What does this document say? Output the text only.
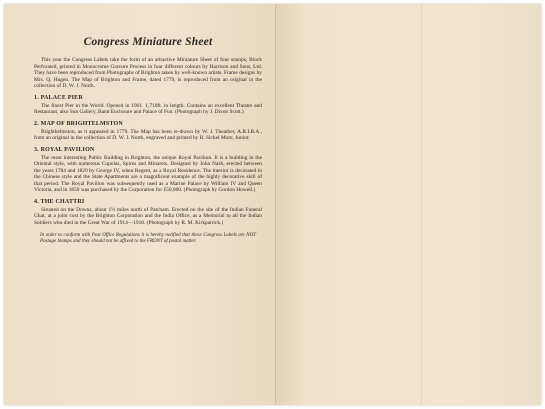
Congress Miniature Sheet

This year the Congress Labels take the form of an attractive Miniature Sheet of four stamps, Block Perforated, printed in Monocrome Gravure Process in four different colours by Harrison and Sons, Ltd. They have been reproduced from Photographs of Brighton taken by well-known artists. Frame designs by Mrs. Q. Hugen. The Map of Brighton and Frame, dated 1779, is reproduced from an original in the collection of D. W. J. North.

1. PALACE PIER

The finest Pier in the World. Opened in 1901. 1,710ft. in length. Contains an excellent Theatre and Restaurant, also Sun Gallery, Band Enclosure and Palace of Fun. (Photograph by J. Dixon Scott.)

2. MAP OF BRIGHTELMSTON

Brighthelmston, as it appeared in 1779. The Map has been re-drawn by W. J. Theatber, A.R.I.B.A., from an original in the collection of D. W. J. North, engraved and printed by R. Sickel More, Junior.

3. ROYAL PAVILION

The most interesting Public Building in Brighton, the unique Royal Pavilion. It is a building in the Oriental style, with numerous Cupolas, Spires and Minarets. Designed by John Nash, erected between the years 1784 and 1820 by George IV, when Regent, as a Royal Residence. The interior is decorated in the Chinese style and the State Apartments are a magnificent example of the highly decorative skill of that period. The Royal Pavilion was subsequently used as a Marine Palace by William IV and Queen Victoria, and in 1850 was purchased by the Corporation for £50,000. (Photograph by Gordon Howell.)

4. THE CHATTRI

Situated on the Downs, about 1½ miles north of Patcham. Erected on the site of the Indian Funeral Ghat, at a joint cost by the Brighton Corporation and the India Office, as a Memorial to all the Indian Soldiers who died in the Great War of 1914—1918. (Photograph by R. M. Kirkpatrick.)

In order to conform with Post Office Regulations it is hereby notified that these Congress Labels are NOT Postage Stamps and they should not be affixed to the FRONT of postal matter.
